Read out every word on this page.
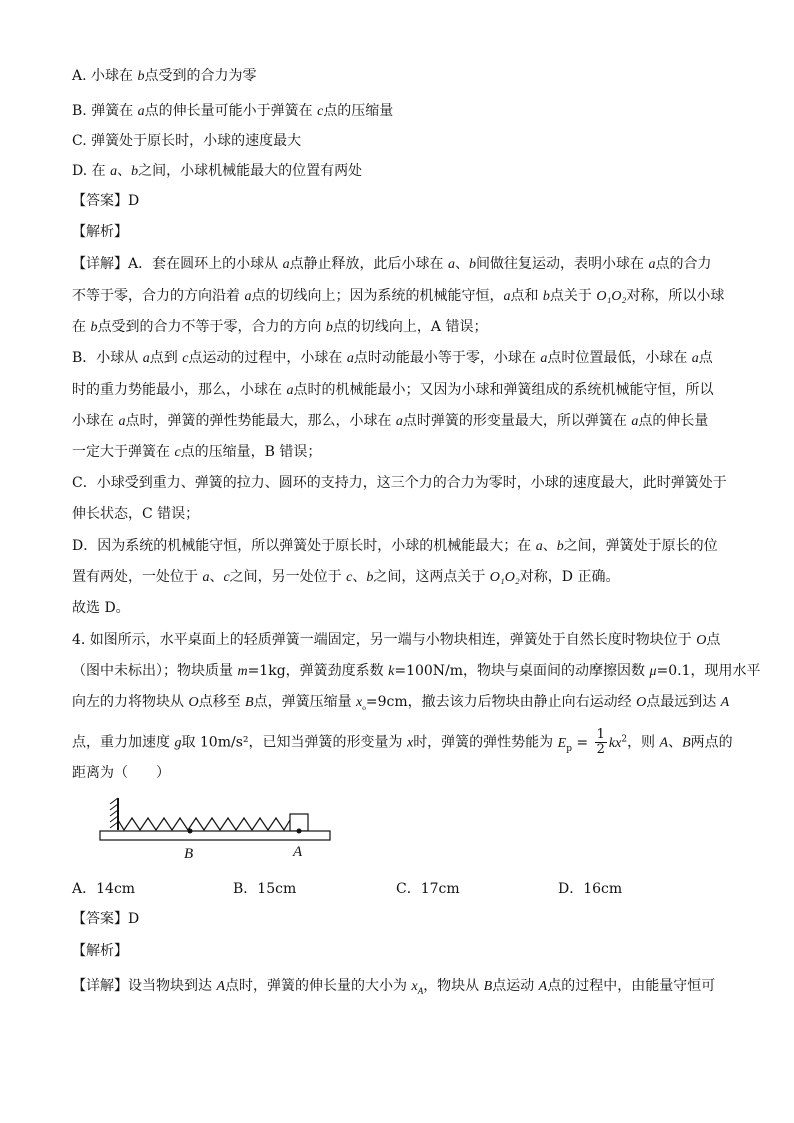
A. 小球在 b点受到的合力为零
B. 弹簧在 a点的伸长量可能小于弹簧在 c点的压缩量
C. 弹簧处于原长时，小球的速度最大
D. 在 a、b之间，小球机械能最大的位置有两处
【答案】D
【解析】
【详解】A．套在圆环上的小球从 a点静止释放，此后小球在 a、b间做往复运动，表明小球在 a点的合力
不等于零，合力的方向沿着 a点的切线向上；因为系统的机械能守恒，a点和 b点关于 O₁O₂对称，所以小球
在 b点受到的合力不等于零，合力的方向 b点的切线向上，A 错误；
B．小球从 a点到 c点运动的过程中，小球在 a点时动能最小等于零，小球在 a点时位置最低，小球在 a点
时的重力势能最小，那么，小球在 a点时的机械能最小；又因为小球和弹簧组成的系统机械能守恒，所以
小球在 a点时，弹簧的弹性势能最大，那么，小球在 a点时弹簧的形变量最大，所以弹簧在 a点的伸长量
一定大于弹簧在 c点的压缩量，B 错误；
C．小球受到重力、弹簧的拉力、圆环的支持力，这三个力的合力为零时，小球的速度最大，此时弹簧处于
伸长状态，C 错误；
D．因为系统的机械能守恒，所以弹簧处于原长时，小球的机械能最大；在 a、b之间，弹簧处于原长的位
置有两处，一处位于 a、c之间，另一处位于 c、b之间，这两点关于 O₁O₂对称，D 正确。
故选 D。
4. 如图所示，水平桌面上的轻质弹簧一端固定，另一端与小物块相连，弹簧处于自然长度时物块位于 O点
（图中未标出）；物块质量 m=1kg，弹簧劲度系数 k=100N/m，物块与桌面间的动摩擦因数 μ=0.1，现用水平
向左的力将物块从 O点移至 B点，弹簧压缩量 $x_{_0}=9cm$，撤去该力后物块由静止向右运动经 O点最远到达 A
点，重力加速度 g取 10m/s²，已知当弹簧的形变量为 x时，弹簧的弹性势能为 $E_p = \frac{1}{2} kx^2$，则 A、B两点的
距离为（　　）
B	A
A．14cm	B．15cm	C．17cm	D．16cm
【答案】D
【解析】
【详解】设当物块到达 A点时，弹簧的伸长量的大小为 $x_A$，物块从 B点运动 A点的过程中，由能量守恒可
